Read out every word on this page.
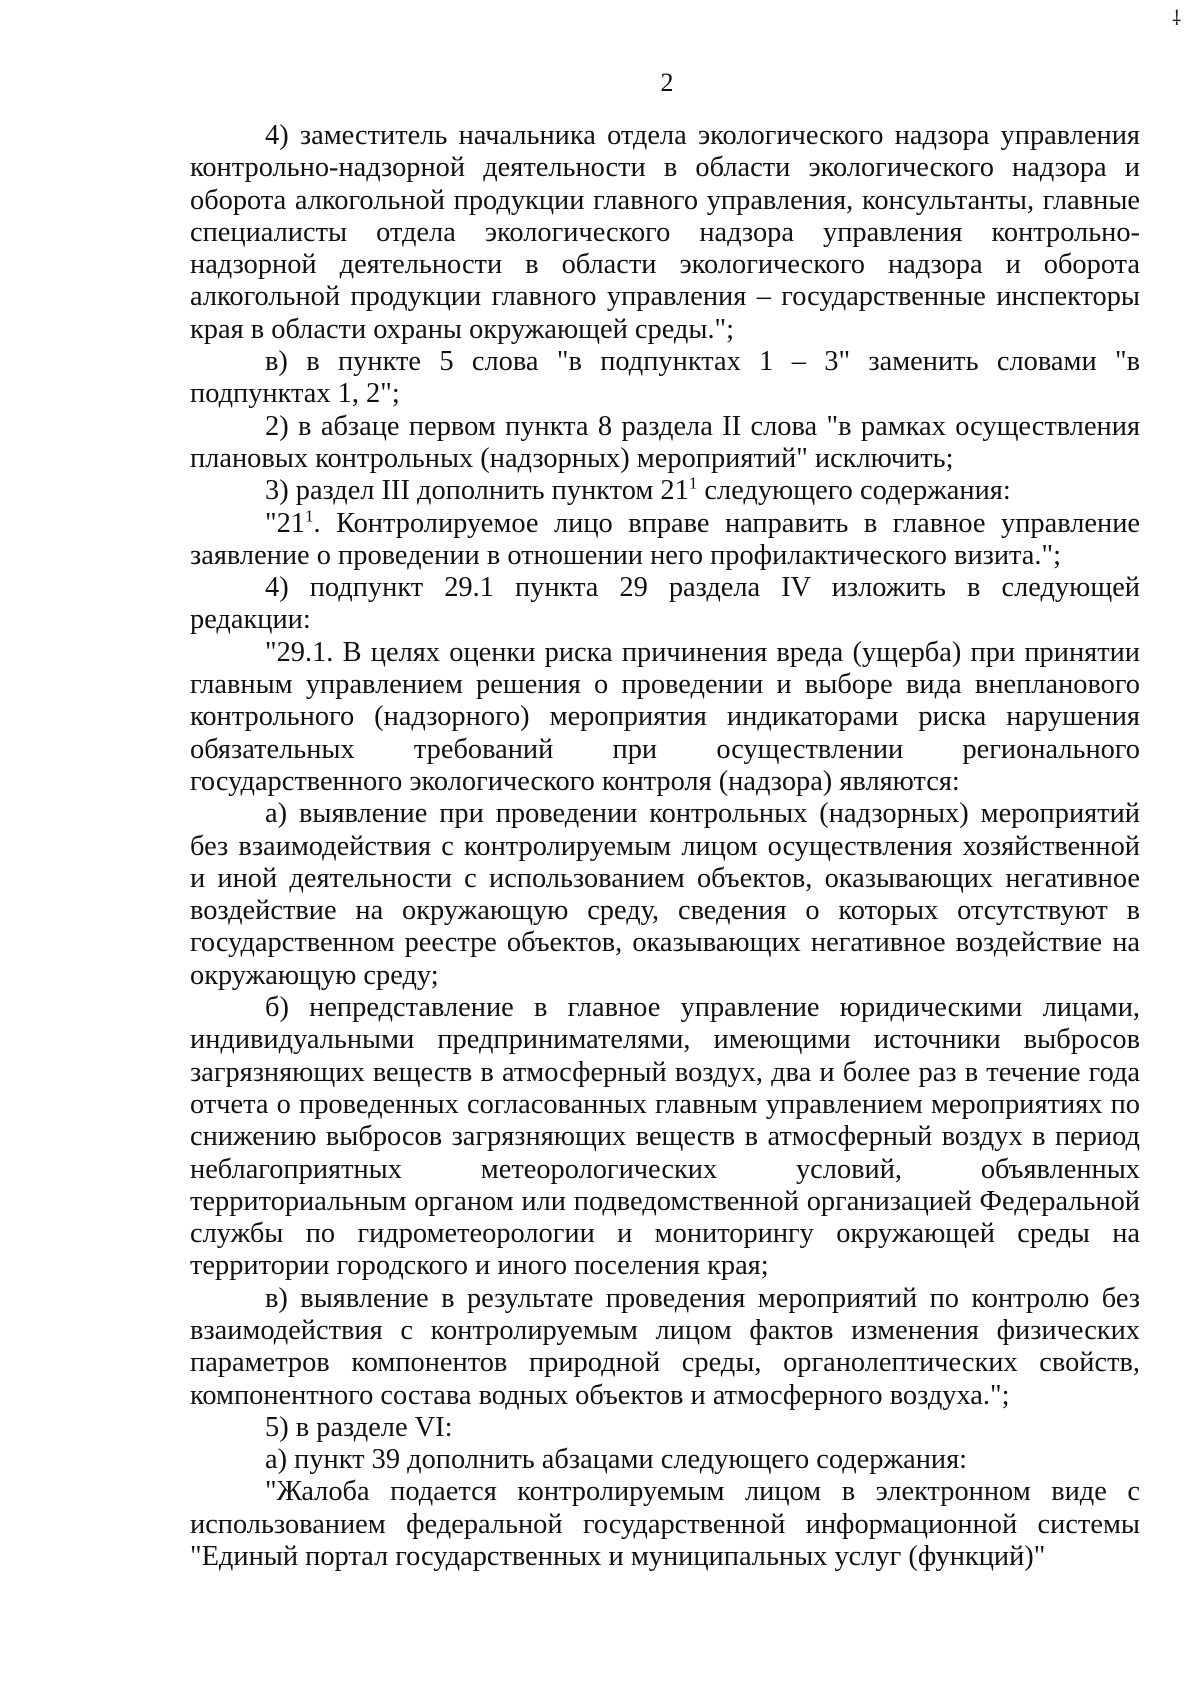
⸸
2

4) заместитель начальника отдела экологического надзора управления контрольно-надзорной деятельности в области экологического надзора и оборота алкогольной продукции главного управления, консультанты, главные специалисты отдела экологического надзора управления контрольно-надзорной деятельности в области экологического надзора и оборота алкогольной продукции главного управления – государственные инспекторы края в области охраны окружающей среды.";

в) в пункте 5 слова "в подпунктах 1 – 3" заменить словами "в подпунктах 1, 2";

2) в абзаце первом пункта 8 раздела II слова "в рамках осуществления плановых контрольных (надзорных) мероприятий" исключить;

3) раздел III дополнить пунктом $21^1$ следующего содержания:

"$21^1$. Контролируемое лицо вправе направить в главное управление заявление о проведении в отношении него профилактического визита.";

4) подпункт 29.1 пункта 29 раздела IV изложить в следующей редакции:

"29.1. В целях оценки риска причинения вреда (ущерба) при принятии главным управлением решения о проведении и выборе вида внепланового контрольного (надзорного) мероприятия индикаторами риска нарушения обязательных требований при осуществлении регионального государственного экологического контроля (надзора) являются:

а) выявление при проведении контрольных (надзорных) мероприятий без взаимодействия с контролируемым лицом осуществления хозяйственной и иной деятельности с использованием объектов, оказывающих негативное воздействие на окружающую среду, сведения о которых отсутствуют в государственном реестре объектов, оказывающих негативное воздействие на окружающую среду;

б) непредставление в главное управление юридическими лицами, индивидуальными предпринимателями, имеющими источники выбросов загрязняющих веществ в атмосферный воздух, два и более раз в течение года отчета о проведенных согласованных главным управлением мероприятиях по снижению выбросов загрязняющих веществ в атмосферный воздух в период неблагоприятных метеорологических условий, объявленных территориальным органом или подведомственной организацией Федеральной службы по гидрометеорологии и мониторингу окружающей среды на территории городского и иного поселения края;

в) выявление в результате проведения мероприятий по контролю без взаимодействия с контролируемым лицом фактов изменения физических параметров компонентов природной среды, органолептических свойств, компонентного состава водных объектов и атмосферного воздуха.";

5) в разделе VI:

а) пункт 39 дополнить абзацами следующего содержания:

"Жалоба подается контролируемым лицом в электронном виде с использованием федеральной государственной информационной системы "Единый портал государственных и муниципальных услуг (функций)"
